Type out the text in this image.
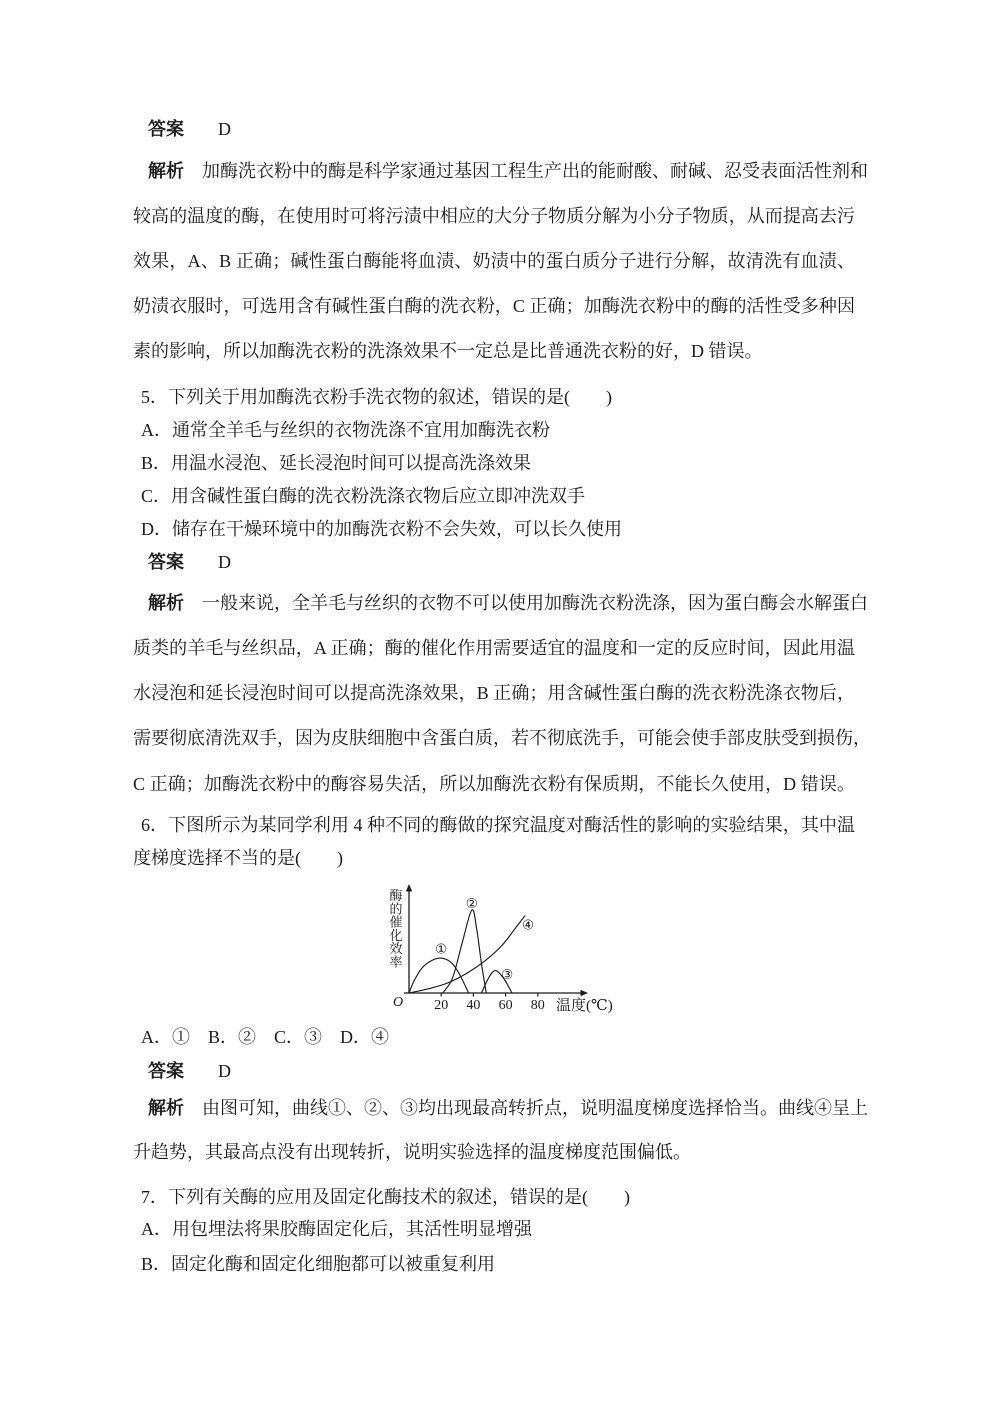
答案 D
解析 加酶洗衣粉中的酶是科学家通过基因工程生产出的能耐酸、耐碱、忍受表面活性剂和
较高的温度的酶，在使用时可将污渍中相应的大分子物质分解为小分子物质，从而提高去污
效果，A、B 正确；碱性蛋白酶能将血渍、奶渍中的蛋白质分子进行分解，故清洗有血渍、
奶渍衣服时，可选用含有碱性蛋白酶的洗衣粉，C 正确；加酶洗衣粉中的酶的活性受多种因
素的影响，所以加酶洗衣粉的洗涤效果不一定总是比普通洗衣粉的好，D 错误。
5．下列关于用加酶洗衣粉手洗衣物的叙述，错误的是(　　)
A．通常全羊毛与丝织的衣物洗涤不宜用加酶洗衣粉
B．用温水浸泡、延长浸泡时间可以提高洗涤效果
C．用含碱性蛋白酶的洗衣粉洗涤衣物后应立即冲洗双手
D．储存在干燥环境中的加酶洗衣粉不会失效，可以长久使用
答案 D
解析 一般来说，全羊毛与丝织的衣物不可以使用加酶洗衣粉洗涤，因为蛋白酶会水解蛋白
质类的羊毛与丝织品，A 正确；酶的催化作用需要适宜的温度和一定的反应时间，因此用温
水浸泡和延长浸泡时间可以提高洗涤效果，B 正确；用含碱性蛋白酶的洗衣粉洗涤衣物后，
需要彻底清洗双手，因为皮肤细胞中含蛋白质，若不彻底洗手，可能会使手部皮肤受到损伤，
C 正确；加酶洗衣粉中的酶容易失活，所以加酶洗衣粉有保质期，不能长久使用，D 错误。
6．下图所示为某同学利用 4 种不同的酶做的探究温度对酶活性的影响的实验结果，其中温
度梯度选择不当的是(　　)
O 20 40 60 80 温度(℃)
酶
的
催
化
效
率
①
②
③
④
A．①　B．②　C．③　D．④
答案 D
解析 由图可知，曲线①、②、③均出现最高转折点，说明温度梯度选择恰当。曲线④呈上
升趋势，其最高点没有出现转折，说明实验选择的温度梯度范围偏低。
7．下列有关酶的应用及固定化酶技术的叙述，错误的是(　　)
A．用包埋法将果胶酶固定化后，其活性明显增强
B．固定化酶和固定化细胞都可以被重复利用
